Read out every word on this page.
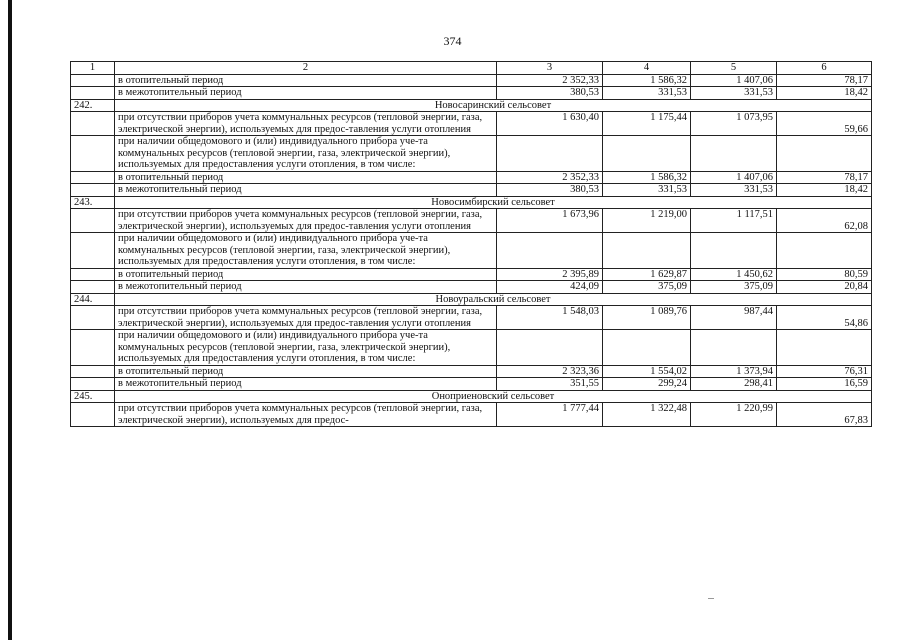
374
1	2	3	4	5	6
	в отопительный период	2 352,33	1 586,32	1 407,06	78,17
	в межотопительный период	380,53	331,53	331,53	18,42
242.	Новосаринский сельсовет				
	при отсутствии приборов учета коммунальных ресурсов (тепловой энергии, газа, электрической энергии), используемых для предос-тавления услуги отопления	1 630,40	1 175,44	1 073,95	59,66
	при наличии общедомового и (или) индивидуального прибора уче-та коммунальных ресурсов (тепловой энергии, газа, электрической энергии), используемых для предоставления услуги отопления, в том числе:				
	в отопительный период	2 352,33	1 586,32	1 407,06	78,17
	в межотопительный период	380,53	331,53	331,53	18,42
243.	Новосимбирский сельсовет				
	при отсутствии приборов учета коммунальных ресурсов (тепловой энергии, газа, электрической энергии), используемых для предос-тавления услуги отопления	1 673,96	1 219,00	1 117,51	62,08
	при наличии общедомового и (или) индивидуального прибора уче-та коммунальных ресурсов (тепловой энергии, газа, электрической энергии), используемых для предоставления услуги отопления, в том числе:				
	в отопительный период	2 395,89	1 629,87	1 450,62	80,59
	в межотопительный период	424,09	375,09	375,09	20,84
244.	Новоуральский сельсовет				
	при отсутствии приборов учета коммунальных ресурсов (тепловой энергии, газа, электрической энергии), используемых для предос-тавления услуги отопления	1 548,03	1 089,76	987,44	54,86
	при наличии общедомового и (или) индивидуального прибора уче-та коммунальных ресурсов (тепловой энергии, газа, электрической энергии), используемых для предоставления услуги отопления, в том числе:				
	в отопительный период	2 323,36	1 554,02	1 373,94	76,31
	в межотопительный период	351,55	299,24	298,41	16,59
245.	Оноприеновский сельсовет				
	при отсутствии приборов учета коммунальных ресурсов (тепловой энергии, газа, электрической энергии), используемых для предос-	1 777,44	1 322,48	1 220,99	67,83
